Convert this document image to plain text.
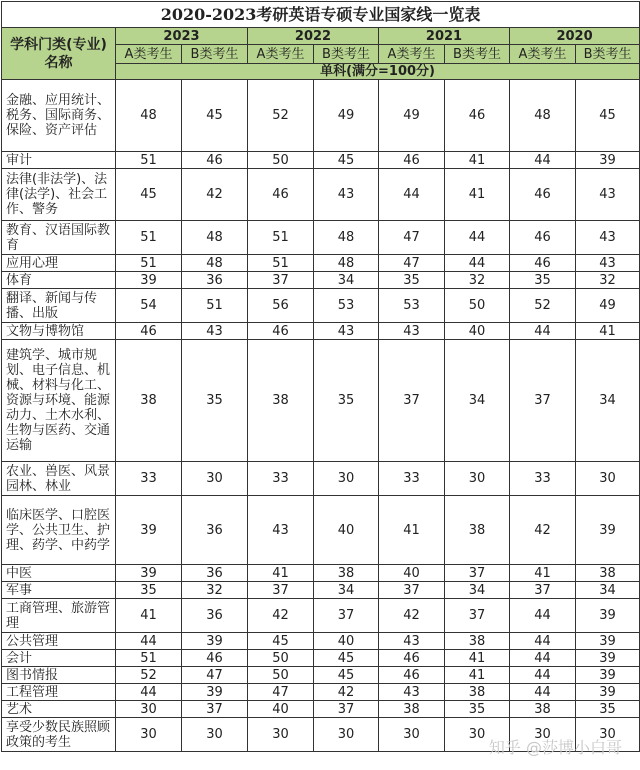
2020-2023考研英语专硕专业国家线一览表								
学科门类(专业)名称	2023		2022		2021		2020	
	A类考生	B类考生	A类考生	B类考生	A类考生	B类考生	A类考生	B类考生
	单科(满分=100分)							
金融、应用统计、税务、国际商务、保险、资产评估	48	45	52	49	49	46	48	45
审计	51	46	50	45	46	41	44	39
法律(非法学)、法律(法学)、社会工作、警务	45	42	46	43	44	41	46	43
教育、汉语国际教育	51	48	51	48	47	44	46	43
应用心理	51	48	51	48	47	44	46	43
体育	39	36	37	34	35	32	35	32
翻译、新闻与传播、出版	54	51	56	53	53	50	52	49
文物与博物馆	46	43	46	43	43	40	44	41
建筑学、城市规划、电子信息、机械、材料与化工、资源与环境、能源动力、土木水利、生物与医药、交通运输	38	35	38	35	37	34	37	34
农业、兽医、风景园林、林业	33	30	33	30	33	30	33	30
临床医学、口腔医学、公共卫生、护理、药学、中药学	39	36	43	40	41	38	42	39
中医	39	36	41	38	40	37	41	38
军事	35	32	37	34	37	34	37	34
工商管理、旅游管理	41	36	42	37	42	37	44	39
公共管理	44	39	45	40	43	38	44	39
会计	51	46	50	45	46	41	44	39
图书情报	52	47	50	45	46	41	44	39
工程管理	44	39	47	42	43	38	44	39
艺术	30	37	40	37	38	35	38	35
享受少数民族照顾政策的考生	30	30	30	30	30	30	30	30
知乎 @莎博小白哥
